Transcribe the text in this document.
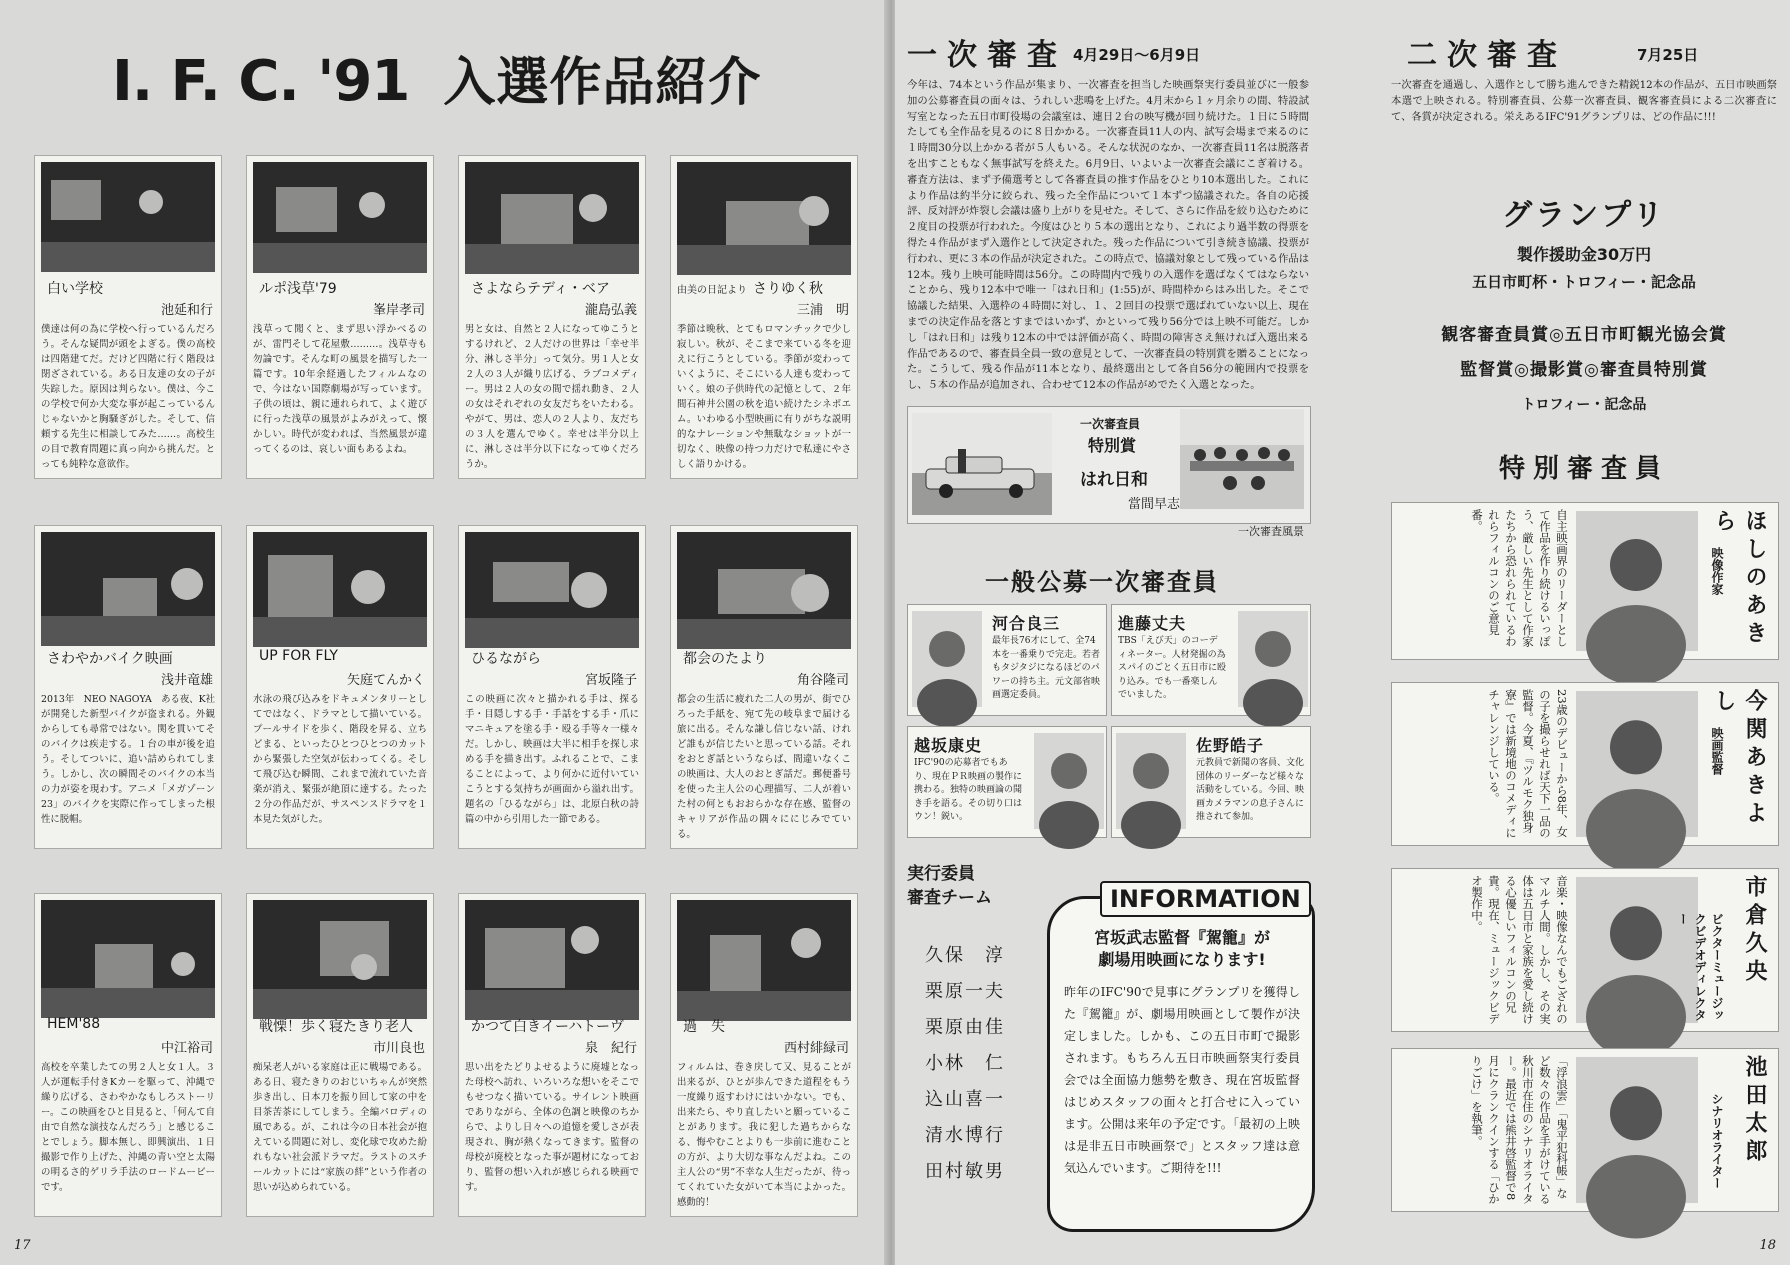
I. F. C. '91 入選作品紹介
白い学校
池延和行
僕達は何の為に学校へ行っているんだろう。そんな疑問が頭をよぎる。僕の高校は四階建てだ。だけど四階に行く階段は閉ざされている。ある日友達の女の子が失踪した。原因は判らない。僕は、今この学校で何か大変な事が起こっているんじゃないかと胸騒ぎがした。そして、信頼する先生に相談してみた……。高校生の目で教育問題に真っ向から挑んだ。とっても純粋な意欲作。
ルポ浅草'79
峯岸孝司
浅草って聞くと、まず思い浮かべるのが、雷門そして花屋敷………。浅草寺も勿論です。そんな町の風景を描写した一篇です。10年余経過したフィルムなので、今はない国際劇場が写っています。子供の頃は、親に連れられて、よく遊びに行った浅草の風景がよみがえって、懐かしい。時代が変われば、当然風景が違ってくるのは、哀しい面もあるよね。
さよならテディ・ベア
瀧島弘義
男と女は、自然と２人になってゆこうとするけれど、２人だけの世界は「幸せ半分、淋しさ半分」って気分。男１人と女２人の３人が織り広げる、ラブコメディー。男は２人の女の間で揺れ動き、２人の女はそれぞれの女友だちをいたわる。やがて、男は、恋人の２人より、友だちの３人を選んでゆく。幸せは半分以上に、淋しさは半分以下になってゆくだろうか。
由美の日記より さりゆく秋
三浦　明
季節は晩秋、とてもロマンチックで少し寂しい。秋が、そこまで来ている冬を迎えに行こうとしている。季節が変わっていくように、そこにいる人達も変わっていく。娘の子供時代の記憶として、２年間石神井公園の秋を追い続けたシネポエム。いわゆる小型映画に有りがちな説明的なナレーションや無駄なショットが一切なく、映像の持つ力だけで私達にやさしく語りかける。
さわやかバイク映画
浅井竜雄
2013年　NEO NAGOYA　ある夜、K社が開発した新型バイクが盗まれる。外観からしても尋常ではない。関を貫いてそのバイクは疾走する。１台の車が後を追う。そしてついに、追い詰められてしまう。しかし、次の瞬間そのバイクの本当の力が姿を現わす。アニメ「メガゾーン23」のバイクを実際に作ってしまった根性に脱帽。
UP FOR FLY
矢庭てんかく
水泳の飛び込みをドキュメンタリーとしてではなく、ドラマとして描いている。プールサイドを歩く、階段を昇る、立ちどまる、といったひとつひとつのカットから緊張した空気が伝わってくる。そして飛び込む瞬間、これまで流れていた音楽が消え、緊張が絶頂に達する。たった２分の作品だが、サスペンスドラマを１本見た気がした。
ひるながら
宮坂隆子
この映画に次々と描かれる手は、探る手・目隠しする手・手話をする手・爪にマニキュアを塗る手・殴る手等々一様々だ。しかし、映画は大半に相手を探し求める手を描き出す。ふれることで、こまることによって、より何かに近付いていこうとする気持ちが画面から溢れ出す。題名の「ひるながら」は、北原白秋の詩篇の中から引用した一節である。
都会のたより
角谷隆司
都会の生活に疲れた二人の男が、街でひろった手紙を、宛て先の岐阜まで届ける旅に出る。そんな謙し信じない話、けれど誰もが信じたいと思っている話。それをおとぎ話というならば、間違いなくこの映画は、大人のおとぎ話だ。郵便番号を使った主人公の心理描写、二人が着いた村の何ともおおらかな存在感、監督のキャリアが作品の隅々ににじみでている。
HEM'88
中江裕司
高校を卒業したての男２人と女１人。３人が運転手付きKカーを駆って、沖縄で繰り広げる、さわやかなもしろストーリー。この映画をひと目見ると、「何んて自由で自然な演技なんだろう」と感じることでしょう。脚本無し、即興演出、１日撮影で作り上げた、沖縄の青い空と太陽の明るさ的ゲリラ手法のロードムービーです。
戦慄！歩く寝たきり老人
市川良也
痴呆老人がいる家庭は正に戦場である。ある日、寝たきりのおじいちゃんが突然歩き出し、日本刀を振り回して家の中を目茶苦茶にしてしまう。全編パロディの風である。が、これは今の日本社会が抱えている問題に対し、変化球で攻めた紛れもない社会派ドラマだ。ラストのスチールカットには“家族の絆”という作者の思いが込められている。
かつて白きイーハトーヴ
泉　紀行
思い出をたどりよせるように廃墟となった母校へ訪れ、いろいろな想いをそこでもせつなく描いている。サイレント映画でありながら、全体の色調と映像のちからで、よりし日々への追憶を愛しさが表現され、胸が熱くなってきます。監督の母校が廃校となった事が題材になっており、監督の想い入れが感じられる映画です。
過　失
西村緋緑司
フィルムは、巻き戻して又、見ることが出来るが、ひとが歩んできた道程をもう一度繰り返すわけにはいかない。でも、出来たら、やり直したいと願っていることがあります。我に犯した過ちからなる、悔やむことよりも一歩前に進むことの方が、より大切な事なんだよね。この主人公の“男”不幸な人生だったが、待ってくれていた女がいて本当によかった。感動的！
17
一次審査 4月29日～6月9日
今年は、74本という作品が集まり、一次審査を担当した映画祭実行委員並びに一般参加の公募審査員の面々は、うれしい悲鳴を上げた。4月末から１ヶ月余りの間、特設試写室となった五日市町役場の会議室は、連日２台の映写機が回り続けた。１日に５時間たしても全作品を見るのに８日かかる。一次審査員11人の内、試写会場まで来るのに１時間30分以上かかる者が５人もいる。そんな状況のなか、一次審査員11名は脱落者を出すこともなく無事試写を終えた。6月9日、いよいよ一次審査会議にこぎ着ける。審査方法は、まず予備選考として各審査員の推す作品をひとり10本選出した。これにより作品は約半分に絞られ、残った全作品について１本ずつ協議された。各自の応援評、反対評が炸裂し会議は盛り上がりを見せた。そして、さらに作品を絞り込むために２度目の投票が行われた。今度はひとり５本の選出となり、これにより過半数の得票を得た４作品がまず入選作として決定された。残った作品について引き続き協議、投票が行われ、更に３本の作品が決定された。この時点で、協議対象として残っている作品は12本。残り上映可能時間は56分。この時間内で残りの入選作を選ばなくてはならないことから、残り12本中で唯一「はれ日和」(1:55)が、時間枠からはみ出した。そこで協議した結果、入選枠の４時間に対し、１、２回目の投票で選ばれていない以上、現在までの決定作品を落とすまではいかず、かといって残り56分では上映不可能だ。しかし「はれ日和」は残り12本の中では評価が高く、時間の障害さえ無ければ入選出来る作品であるので、審査員全員一致の意見として、一次審査員の特別賞を贈ることになった。こうして、残る作品が11本となり、最終選出として各自56分の範囲内で投票をし、５本の作品が追加され、合わせて12本の作品がめでたく入選となった。
一次審査員
特別賞
はれ日和
當間早志
一次審査風景
一般公募一次審査員
河合良三
最年長76才にして、全74本を一番乗りで完走。若者もタジタジになるほどのパワーの持ち主。元文部省映画選定委員。
進藤丈夫
TBS「えび天」のコーディネーター。人材発掘の為スパイのごとく五日市に殴り込み。でも一番楽しんでいました。
越坂康史
IFC'90の応募者でもあり、現在ＰＲ映画の製作に携わる。独特の映画論の聞き手を語る。その切り口は ウン！鋭い。
佐野皓子
元教員で新聞の客員、文化団体のリーダーなど様々な活動をしている。今回、映画カメラマンの息子さんに推されて参加。
実行委員
審査チーム
久保　淳
栗原一夫
栗原由佳
小林　仁
込山喜一
清水博行
田村敏男
INFORMATION
宮坂武志監督『駕籠』が
劇場用映画になります!
昨年のIFC'90で見事にグランプリを獲得した『駕籠』が、劇場用映画として製作が決定しました。しかも、この五日市町で撮影されます。もちろん五日市映画祭実行委員会では全面協力態勢を敷き、現在宮坂監督はじめスタッフの面々と打合せに入っています。公開は来年の予定です。「最初の上映は是非五日市映画祭で」とスタッフ達は意気込んでいます。ご期待を!!!
二次審査	7月25日
一次審査を通過し、入選作として勝ち進んできた精鋭12本の作品が、五日市映画祭本選で上映される。特別審査員、公募一次審査員、観客審査員による二次審査にて、各賞が決定される。栄えあるIFC'91グランプリは、どの作品に!!!
グランプリ
製作援助金30万円
五日市町杯・トロフィー・記念品
観客審査員賞◎五日市町観光協会賞
監督賞◎撮影賞◎審査員特別賞
トロフィー・記念品
特別審査員
自主映画界のリーダーとして作品を作り続けるいっぽう、厳しい先生として作家たちから恐れられているわれらフィルコンのご意見番。
映像作家 ほしのあきら
23歳のデビューから8年、女の子を撮らせれば天下一品の監督。今夏、『ツルモク独身寮』では新境地のコメディにチャレンジしている。	映画監督 今関あきよし
音楽・映像なんでもござれのマルチ人間。しかし、その実体は五日市と家族を愛し続ける心優しいフィルコンの兄貴。現在、ミュージックビデオ製作中。
ビクターミュージックビデオディレクター	市倉久央
「浮浪雲」「鬼平犯科帳」など数々の作品を手がけている秋川市在住のシナリオライター。最近では熊井啓監督で8月にクランクインする「ひかりごけ」を執筆。	シナリオライター 池田太郎
18
